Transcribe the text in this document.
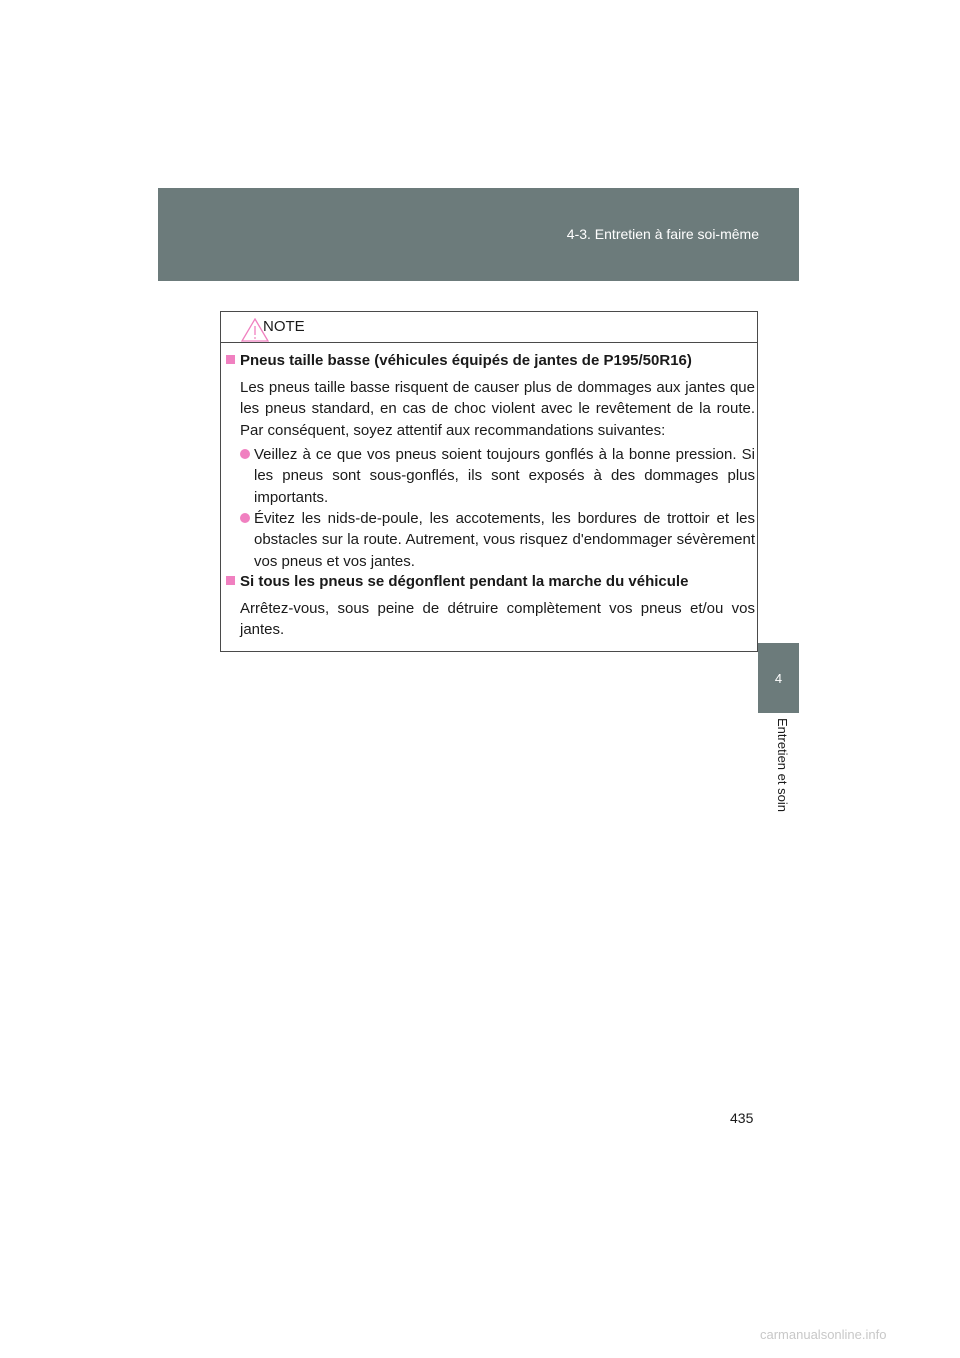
4-3. Entretien à faire soi-même
4
Entretien et soin
NOTE
Pneus taille basse (véhicules équipés de jantes de P195/50R16)
Les pneus taille basse risquent de causer plus de dommages aux jantes que les pneus standard, en cas de choc violent avec le revêtement de la route. Par conséquent, soyez attentif aux recommandations suivantes:
Veillez à ce que vos pneus soient toujours gonflés à la bonne pression. Si les pneus sont sous-gonflés, ils sont exposés à des dommages plus importants.
Évitez les nids-de-poule, les accotements, les bordures de trottoir et les obstacles sur la route. Autrement, vous risquez d'endommager sévèrement vos pneus et vos jantes.
Si tous les pneus se dégonflent pendant la marche du véhicule
Arrêtez-vous, sous peine de détruire complètement vos pneus et/ou vos jantes.
435
carmanualsonline.info
